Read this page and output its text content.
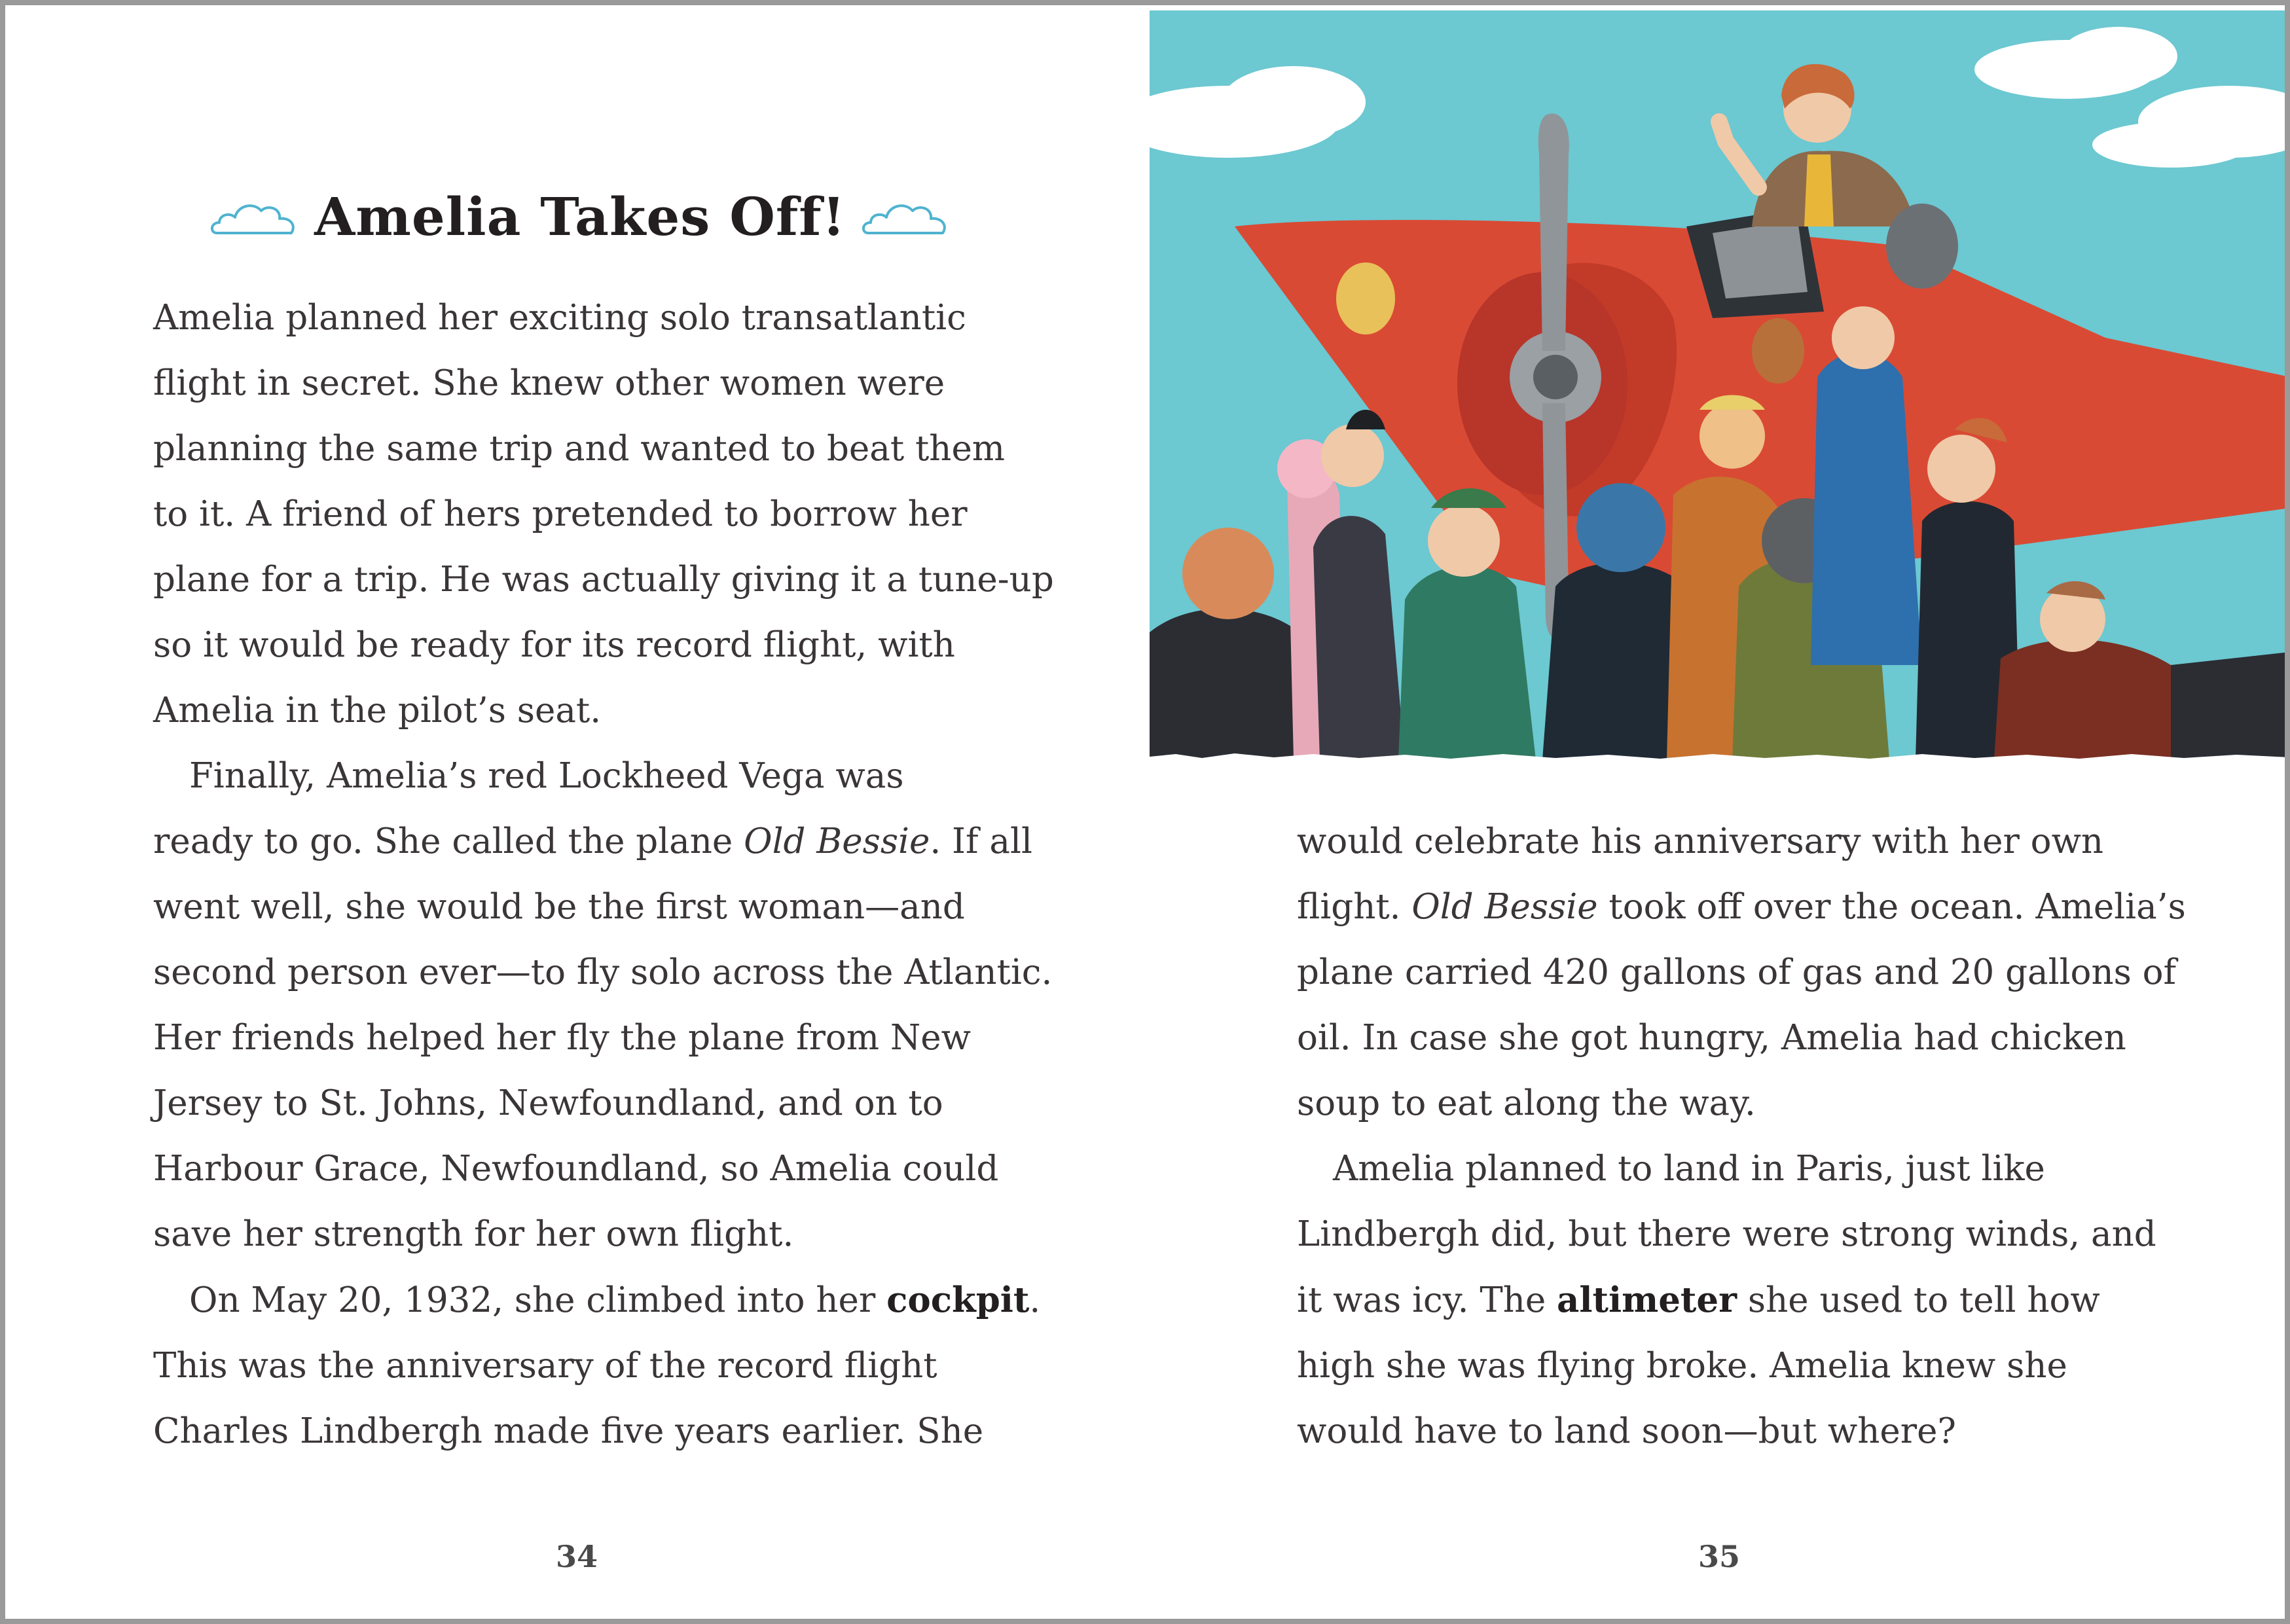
Amelia Takes Off!
Amelia planned her exciting solo transatlantic
flight in secret. She knew other women were
planning the same trip and wanted to beat them
to it. A friend of hers pretended to borrow her
plane for a trip. He was actually giving it a tune-up
so it would be ready for its record flight, with
Amelia in the pilot’s seat.
Finally, Amelia’s red Lockheed Vega was
ready to go. She called the plane Old Bessie. If all
went well, she would be the first woman—and
second person ever—to fly solo across the Atlantic.
Her friends helped her fly the plane from New
Jersey to St. Johns, Newfoundland, and on to
Harbour Grace, Newfoundland, so Amelia could
save her strength for her own flight.
On May 20, 1932, she climbed into her cockpit.
This was the anniversary of the record flight
Charles Lindbergh made five years earlier. She
34
would celebrate his anniversary with her own
flight. Old Bessie took off over the ocean. Amelia’s
plane carried 420 gallons of gas and 20 gallons of
oil. In case she got hungry, Amelia had chicken
soup to eat along the way.
Amelia planned to land in Paris, just like
Lindbergh did, but there were strong winds, and
it was icy. The altimeter she used to tell how
high she was flying broke. Amelia knew she
would have to land soon—but where?
35
